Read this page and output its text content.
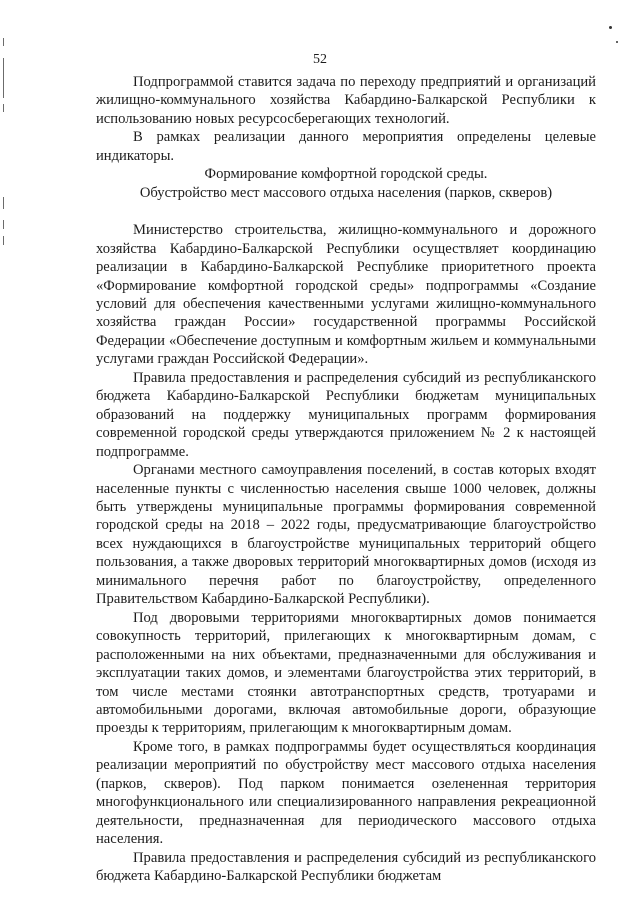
52

Подпрограммой ставится задача по переходу предприятий и организаций жилищно-коммунального хозяйства Кабардино-Балкарской Республики к использованию новых ресурсосберегающих технологий.

В рамках реализации данного мероприятия определены целевые индикаторы.

Формирование комфортной городской среды.

Обустройство мест массового отдыха населения (парков, скверов)

Министерство строительства, жилищно-коммунального и дорожного хозяйства Кабардино-Балкарской Республики осуществляет координацию реализации в Кабардино-Балкарской Республике приоритетного проекта «Формирование комфортной городской среды» подпрограммы «Создание условий для обеспечения качественными услугами жилищно-коммунального хозяйства граждан России» государственной программы Российской Федерации «Обеспечение доступным и комфортным жильем и коммунальными услугами граждан Российской Федерации».

Правила предоставления и распределения субсидий из республиканского бюджета Кабардино-Балкарской Республики бюджетам муниципальных образований на поддержку муниципальных программ формирования современной городской среды утверждаются приложением № 2 к настоящей подпрограмме.

Органами местного самоуправления поселений, в состав которых входят населенные пункты с численностью населения свыше 1000 человек, должны быть утверждены муниципальные программы формирования современной городской среды на 2018 – 2022 годы, предусматривающие благоустройство всех нуждающихся в благоустройстве муниципальных территорий общего пользования, а также дворовых территорий многоквартирных домов (исходя из минимального перечня работ по благоустройству, определенного Правительством Кабардино-Балкарской Республики).

Под дворовыми территориями многоквартирных домов понимается совокупность территорий, прилегающих к многоквартирным домам, с расположенными на них объектами, предназначенными для обслуживания и эксплуатации таких домов, и элементами благоустройства этих территорий, в том числе местами стоянки автотранспортных средств, тротуарами и автомобильными дорогами, включая автомобильные дороги, образующие проезды к территориям, прилегающим к многоквартирным домам.

Кроме того, в рамках подпрограммы будет осуществляться координация реализации мероприятий по обустройству мест массового отдыха населения (парков, скверов). Под парком понимается озелененная территория многофункционального или специализированного направления рекреационной деятельности, предназначенная для периодического массового отдыха населения.

Правила предоставления и распределения субсидий из республиканского бюджета Кабардино-Балкарской Республики бюджетам
